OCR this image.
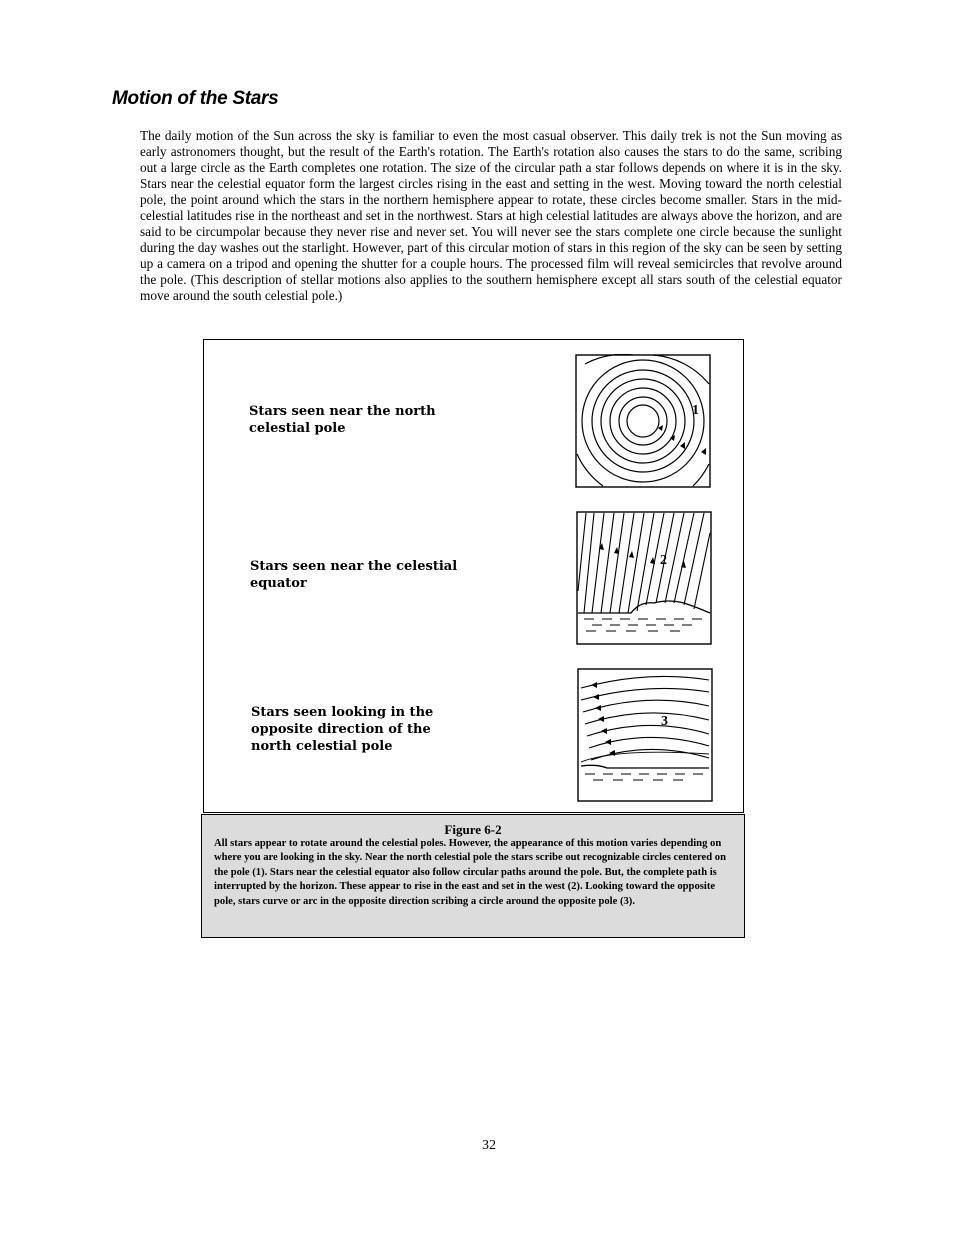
Motion of the Stars

The daily motion of the Sun across the sky is familiar to even the most casual observer. This daily trek is not the Sun moving as early astronomers thought, but the result of the Earth's rotation. The Earth's rotation also causes the stars to do the same, scribing out a large circle as the Earth completes one rotation. The size of the circular path a star follows depends on where it is in the sky. Stars near the celestial equator form the largest circles rising in the east and setting in the west. Moving toward the north celestial pole, the point around which the stars in the northern hemisphere appear to rotate, these circles become smaller. Stars in the mid-celestial latitudes rise in the northeast and set in the northwest. Stars at high celestial latitudes are always above the horizon, and are said to be circumpolar because they never rise and never set. You will never see the stars complete one circle because the sunlight during the day washes out the starlight. However, part of this circular motion of stars in this region of the sky can be seen by setting up a camera on a tripod and opening the shutter for a couple hours. The processed film will reveal semicircles that revolve around the pole. (This description of stellar motions also applies to the southern hemisphere except all stars south of the celestial equator move around the south celestial pole.)

Stars seen near the north
celestial pole
Stars seen near the celestial
equator
Stars seen looking in the
opposite direction of the
north celestial pole
1
2
3
Figure 6-2

All stars appear to rotate around the celestial poles. However, the appearance of this motion varies depending on where you are looking in the sky. Near the north celestial pole the stars scribe out recognizable circles centered on the pole (1). Stars near the celestial equator also follow circular paths around the pole. But, the complete path is interrupted by the horizon. These appear to rise in the east and set in the west (2). Looking toward the opposite pole, stars curve or arc in the opposite direction scribing a circle around the opposite pole (3).

32
